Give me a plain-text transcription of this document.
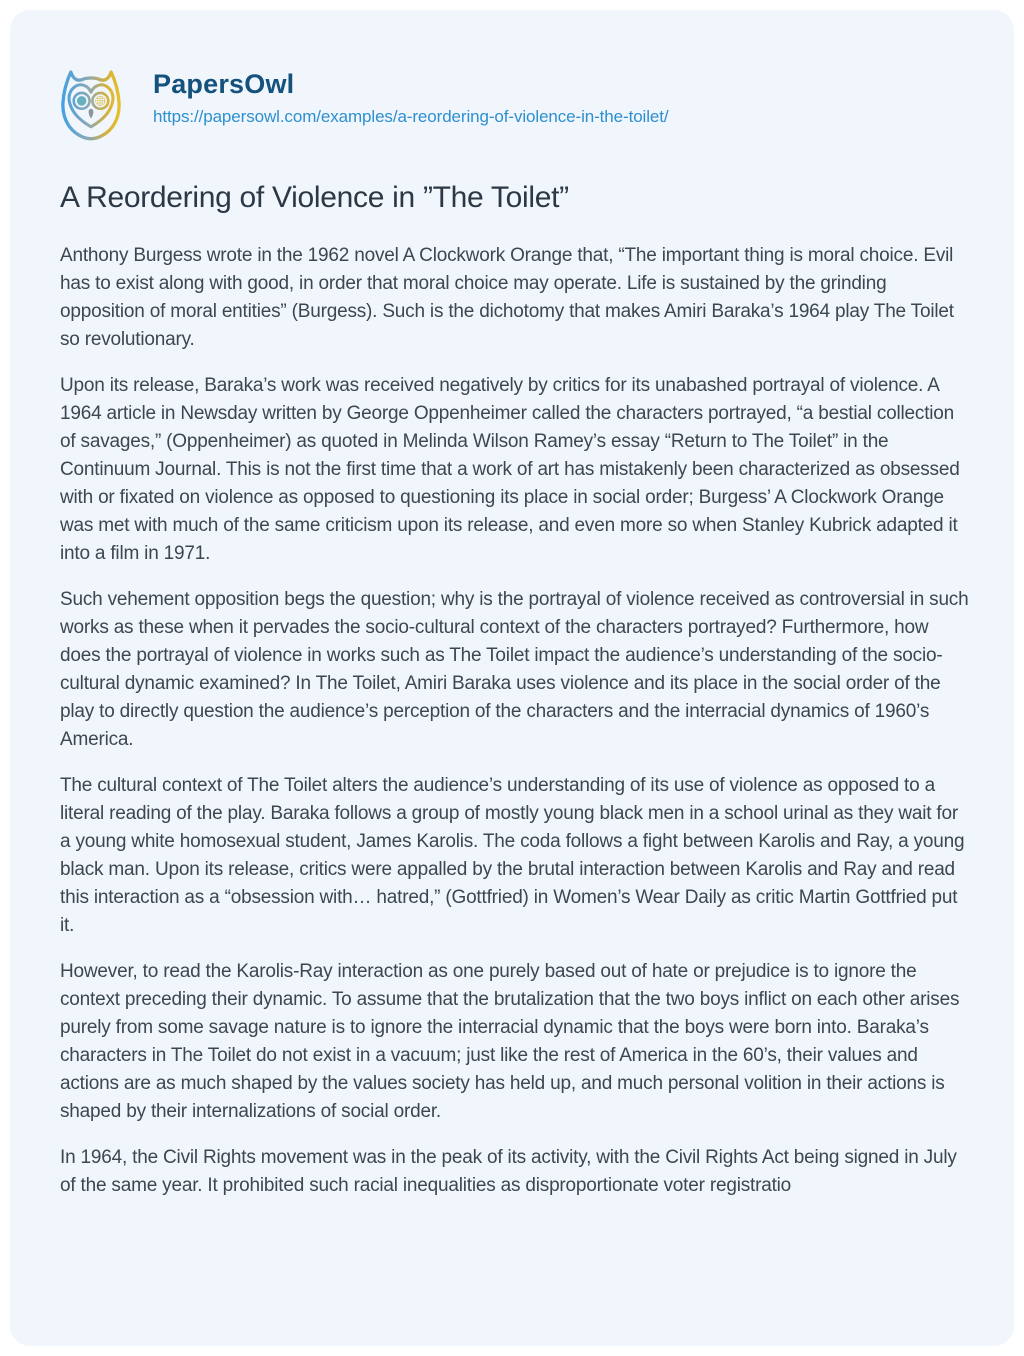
PapersOwl
https://papersowl.com/examples/a-reordering-of-violence-in-the-toilet/
A Reordering of Violence in ”The Toilet”

Anthony Burgess wrote in the 1962 novel A Clockwork Orange that, “The important thing is moral choice. Evil has to exist along with good, in order that moral choice may operate. Life is sustained by the grinding opposition of moral entities” (Burgess). Such is the dichotomy that makes Amiri Baraka’s 1964 play The Toilet so revolutionary.

Upon its release, Baraka’s work was received negatively by critics for its unabashed portrayal of violence. A 1964 article in Newsday written by George Oppenheimer called the characters portrayed, “a bestial collection of savages,” (Oppenheimer) as quoted in Melinda Wilson Ramey’s essay “Return to The Toilet” in the Continuum Journal. This is not the first time that a work of art has mistakenly been characterized as obsessed with or fixated on violence as opposed to questioning its place in social order; Burgess’ A Clockwork Orange was met with much of the same criticism upon its release, and even more so when Stanley Kubrick adapted it into a film in 1971.

Such vehement opposition begs the question; why is the portrayal of violence received as controversial in such works as these when it pervades the socio-cultural context of the characters portrayed? Furthermore, how does the portrayal of violence in works such as The Toilet impact the audience’s understanding of the socio-cultural dynamic examined? In The Toilet, Amiri Baraka uses violence and its place in the social order of the play to directly question the audience’s perception of the characters and the interracial dynamics of 1960’s America.

The cultural context of The Toilet alters the audience’s understanding of its use of violence as opposed to a literal reading of the play. Baraka follows a group of mostly young black men in a school urinal as they wait for a young white homosexual student, James Karolis. The coda follows a fight between Karolis and Ray, a young black man. Upon its release, critics were appalled by the brutal interaction between Karolis and Ray and read this interaction as a “obsession with… hatred,” (Gottfried) in Women’s Wear Daily as critic Martin Gottfried put it.

However, to read the Karolis-Ray interaction as one purely based out of hate or prejudice is to ignore the context preceding their dynamic. To assume that the brutalization that the two boys inflict on each other arises purely from some savage nature is to ignore the interracial dynamic that the boys were born into. Baraka’s characters in The Toilet do not exist in a vacuum; just like the rest of America in the 60’s, their values and actions are as much shaped by the values society has held up, and much personal volition in their actions is shaped by their internalizations of social order.

In 1964, the Civil Rights movement was in the peak of its activity, with the Civil Rights Act being signed in July of the same year. It prohibited such racial inequalities as disproportionate voter registratio
